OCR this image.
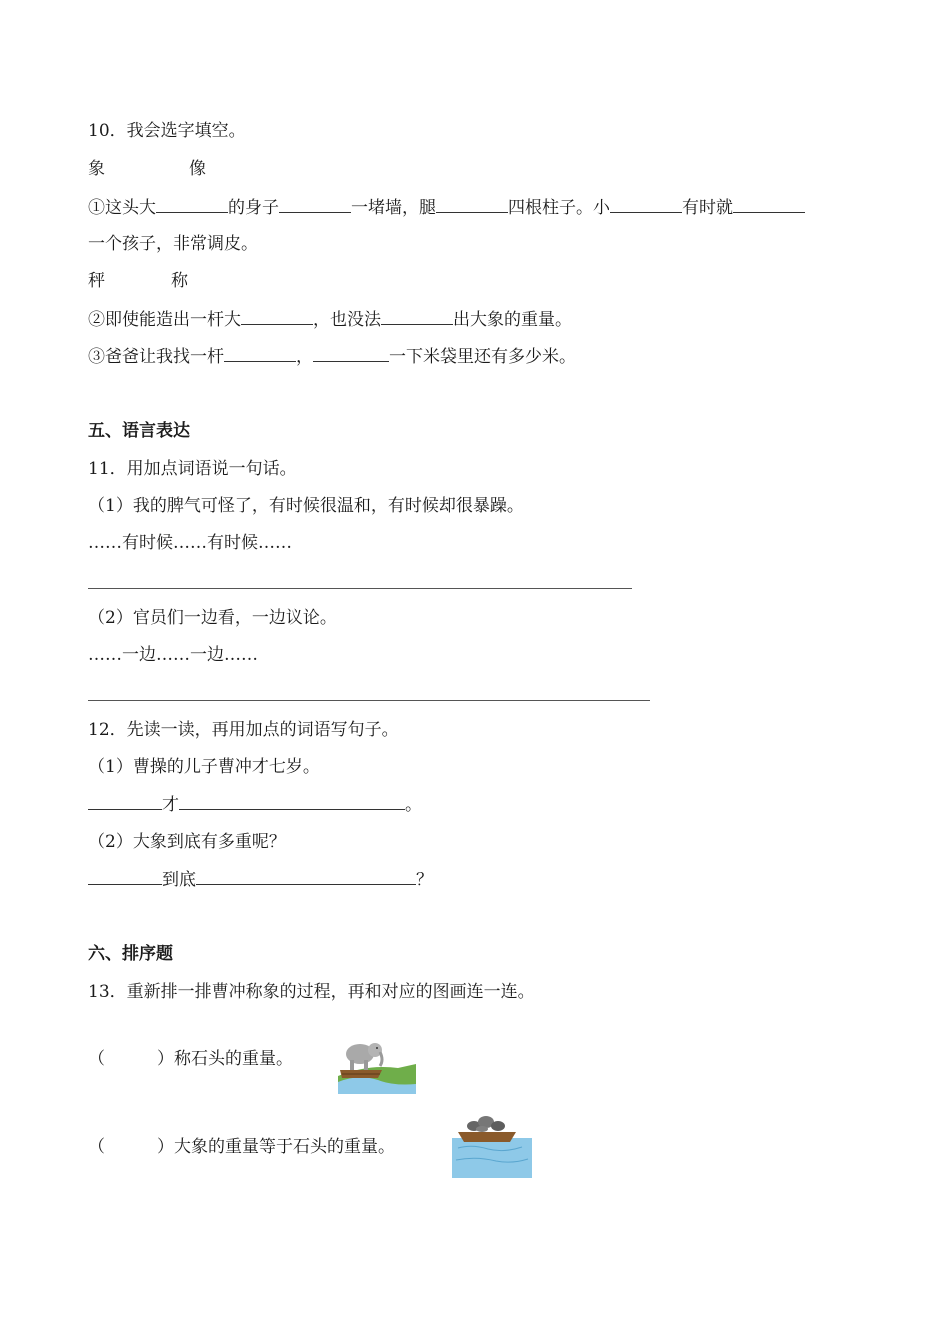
10．我会选字填空。
象	像
①这头大	的身子	一堵墙，腿	四根柱子。小	有时就
一个孩子，非常调皮。
秤	称
②即使能造出一杆大	，也没法	出大象的重量。
③爸爸让我找一杆	，	一下米袋里还有多少米。
五、语言表达
11．用加点词语说一句话。
（1）我的脾气可怪了，有时候很温和，有时候却很暴躁。
……有时候……有时候……
（2）官员们一边看，一边议论。
……一边……一边……
12．先读一读，再用加点的词语写句子。
（1）曹操的儿子曹冲才七岁。
才	。
（2）大象到底有多重呢？
到底	？
六、排序题
13．重新排一排曹冲称象的过程，再和对应的图画连一连。
（	）称石头的重量。
（	）大象的重量等于石头的重量。
